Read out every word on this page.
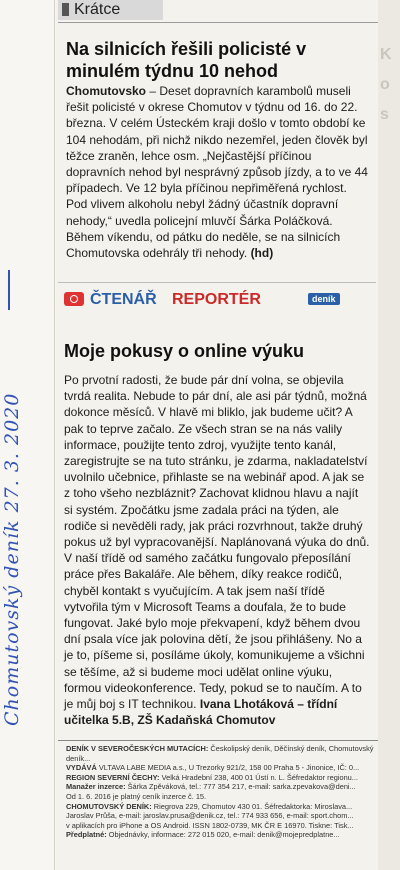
K
o
s
Krátce
Na silnicích řešili policisté v minulém týdnu 10 nehod

Chomutovsko – Deset dopravních karambolů museli řešit policisté v okrese Chomutov v týdnu od 16. do 22. března. V celém Ústeckém kraji došlo v tomto období ke 104 nehodám, při nichž nikdo nezemřel, jeden člověk byl těžce zraněn, lehce osm. „Nejčastější příčinou dopravních nehod byl nesprávný způsob jízdy, a to ve 44 případech. Ve 12 byla příčinou nepřiměřená rychlost. Pod vlivem alkoholu nebyl žádný účastník dopravní nehody,“ uvedla policejní mluvčí Šárka Poláčková. Během víkendu, od pátku do neděle, se na silnicích Chomutovska odehrály tři nehody. (hd)

ČTENÁŘ REPORTÉR	deník
Moje pokusy o online výuku

Po prvotní radosti, že bude pár dní volna, se objevila tvrdá realita. Nebude to pár dní, ale asi pár týdnů, možná dokonce měsíců. V hlavě mi bliklo, jak budeme učit? A pak to teprve začalo. Ze všech stran se na nás valily informace, použijte tento zdroj, využijte tento kanál, zaregistrujte se na tuto stránku, je zdarma, nakladatelství uvolnilo učebnice, přihlaste se na webinář apod. A jak se z toho všeho nezbláznit? Zachovat klidnou hlavu a najít si systém. Zpočátku jsme zadala práci na týden, ale rodiče si nevěděli rady, jak práci rozvrhnout, takže druhý pokus už byl vypracovanější. Naplánovaná výuka do dnů. V naší třídě od samého začátku fungovalo přeposílání práce přes Bakaláře. Ale během, díky reakce rodičů, chyběl kontakt s vyučujícím. A tak jsem naší třídě vytvořila tým v Microsoft Teams a doufala, že to bude fungovat. Jaké bylo moje překvapení, když během dvou dní psala více jak polovina dětí, že jsou přihlášeny. No a je to, píšeme si, posíláme úkoly, komunikujeme a všichni se těšíme, až si budeme moci udělat online výuku, formou videokonference. Tedy, pokud se to naučím. A to je můj boj s IT technikou. Ivana Lhotáková – třídní učitelka 5.B, ZŠ Kadaňská Chomutov

Chomutovský deník 27. 3. 2020

DENÍK V SEVEROČESKÝCH MUTACÍCH: Českolipský deník, Děčínský deník, Chomutovský deník...
VYDÁVÁ VLTAVA LABE MEDIA a.s., U Trezorky 921/2, 158 00 Praha 5 - Jinonice, IČ: 0...
REGION SEVERNÍ ČECHY: Velká Hradební 238, 400 01 Ústí n. L. Šéfredaktor regionu...
Manažer inzerce: Šárka Zpěváková, tel.: 777 354 217, e-mail: sarka.zpevakova@deni...
Od 1. 6. 2016 je platný ceník inzerce č. 15.
CHOMUTOVSKÝ DENÍK: Riegrova 229, Chomutov 430 01. Šéfredaktorka: Miroslava...
Jaroslav Průša, e-mail: jaroslav.prusa@denik.cz, tel.: 774 933 656, e-mail: sport.chom...
v aplikacích pro iPhone a OS Android. ISSN 1802-0739, MK ČR E 16970. Tiskne: Tisk...
Předplatné: Objednávky, informace: 272 015 020, e-mail: denik@mojepredplatne...
